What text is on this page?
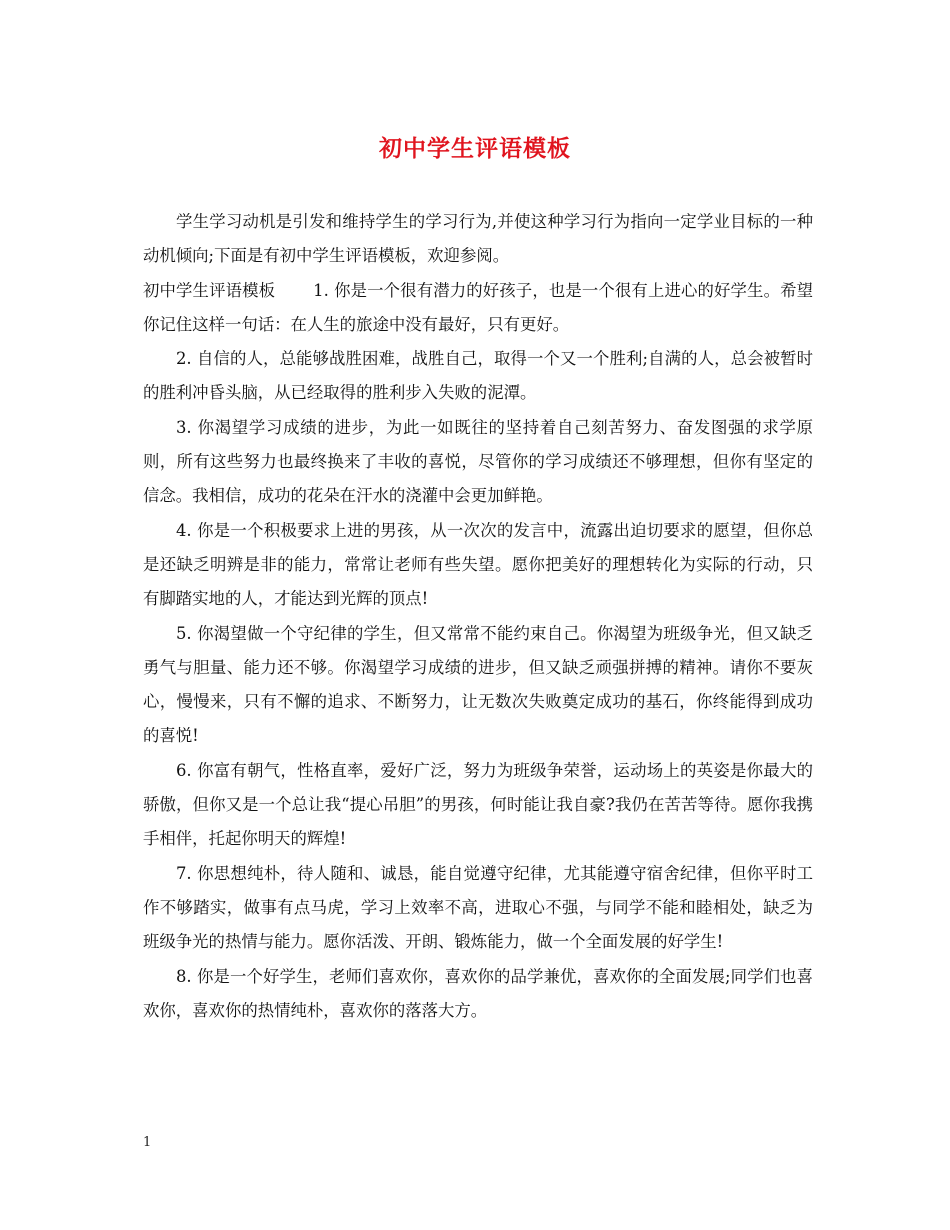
初中学生评语模板

学生学习动机是引发和维持学生的学习行为,并使这种学习行为指向一定学业目标的一种动机倾向;下面是有初中学生评语模板，欢迎参阅。

初中学生评语模板 1. 你是一个很有潜力的好孩子，也是一个很有上进心的好学生。希望你记住这样一句话：在人生的旅途中没有最好，只有更好。

2. 自信的人，总能够战胜困难，战胜自己，取得一个又一个胜利;自满的人，总会被暂时的胜利冲昏头脑，从已经取得的胜利步入失败的泥潭。

3. 你渴望学习成绩的进步，为此一如既往的坚持着自己刻苦努力、奋发图强的求学原则，所有这些努力也最终换来了丰收的喜悦，尽管你的学习成绩还不够理想，但你有坚定的信念。我相信，成功的花朵在汗水的浇灌中会更加鲜艳。

4. 你是一个积极要求上进的男孩，从一次次的发言中，流露出迫切要求的愿望，但你总是还缺乏明辨是非的能力，常常让老师有些失望。愿你把美好的理想转化为实际的行动，只有脚踏实地的人，才能达到光辉的顶点!

5. 你渴望做一个守纪律的学生，但又常常不能约束自己。你渴望为班级争光，但又缺乏勇气与胆量、能力还不够。你渴望学习成绩的进步，但又缺乏顽强拼搏的精神。请你不要灰心，慢慢来，只有不懈的追求、不断努力，让无数次失败奠定成功的基石，你终能得到成功的喜悦!

6. 你富有朝气，性格直率，爱好广泛，努力为班级争荣誉，运动场上的英姿是你最大的骄傲，但你又是一个总让我“提心吊胆”的男孩，何时能让我自豪?我仍在苦苦等待。愿你我携手相伴，托起你明天的辉煌!

7. 你思想纯朴，待人随和、诚恳，能自觉遵守纪律，尤其能遵守宿舍纪律，但你平时工作不够踏实，做事有点马虎，学习上效率不高，进取心不强，与同学不能和睦相处，缺乏为班级争光的热情与能力。愿你活泼、开朗、锻炼能力，做一个全面发展的好学生!

8. 你是一个好学生，老师们喜欢你，喜欢你的品学兼优，喜欢你的全面发展;同学们也喜欢你，喜欢你的热情纯朴，喜欢你的落落大方。

1
